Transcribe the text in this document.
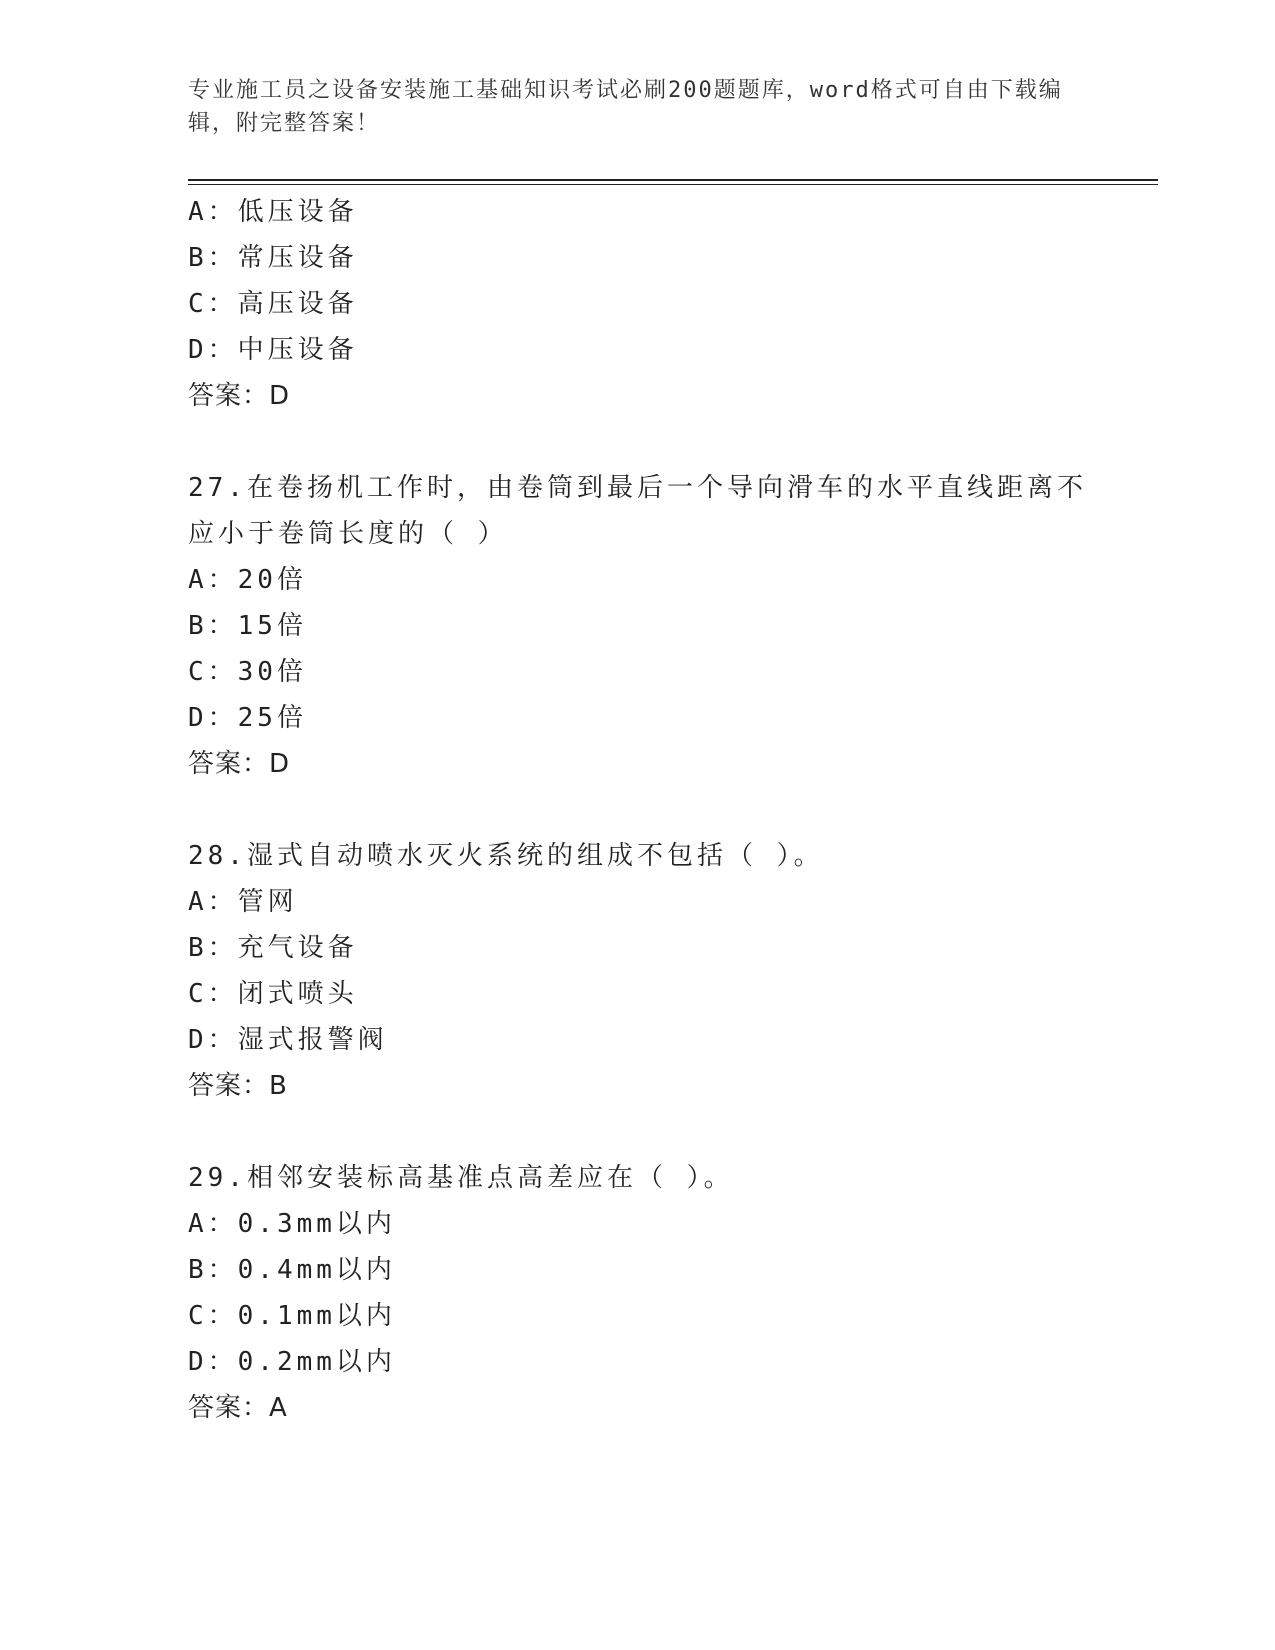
专业施工员之设备安装施工基础知识考试必刷200题题库，word格式可自由下载编辑，附完整答案！
A：低压设备
B：常压设备
C：高压设备
D：中压设备
答案：D
27.在卷扬机工作时，由卷筒到最后一个导向滑车的水平直线距离不应小于卷筒长度的（ ）
A：20倍
B：15倍
C：30倍
D：25倍
答案：D
28.湿式自动喷水灭火系统的组成不包括（ ）。
A：管网
B：充气设备
C：闭式喷头
D：湿式报警阀
答案：B
29.相邻安装标高基准点高差应在（ ）。
A：0.3mm以内
B：0.4mm以内
C：0.1mm以内
D：0.2mm以内
答案：A
